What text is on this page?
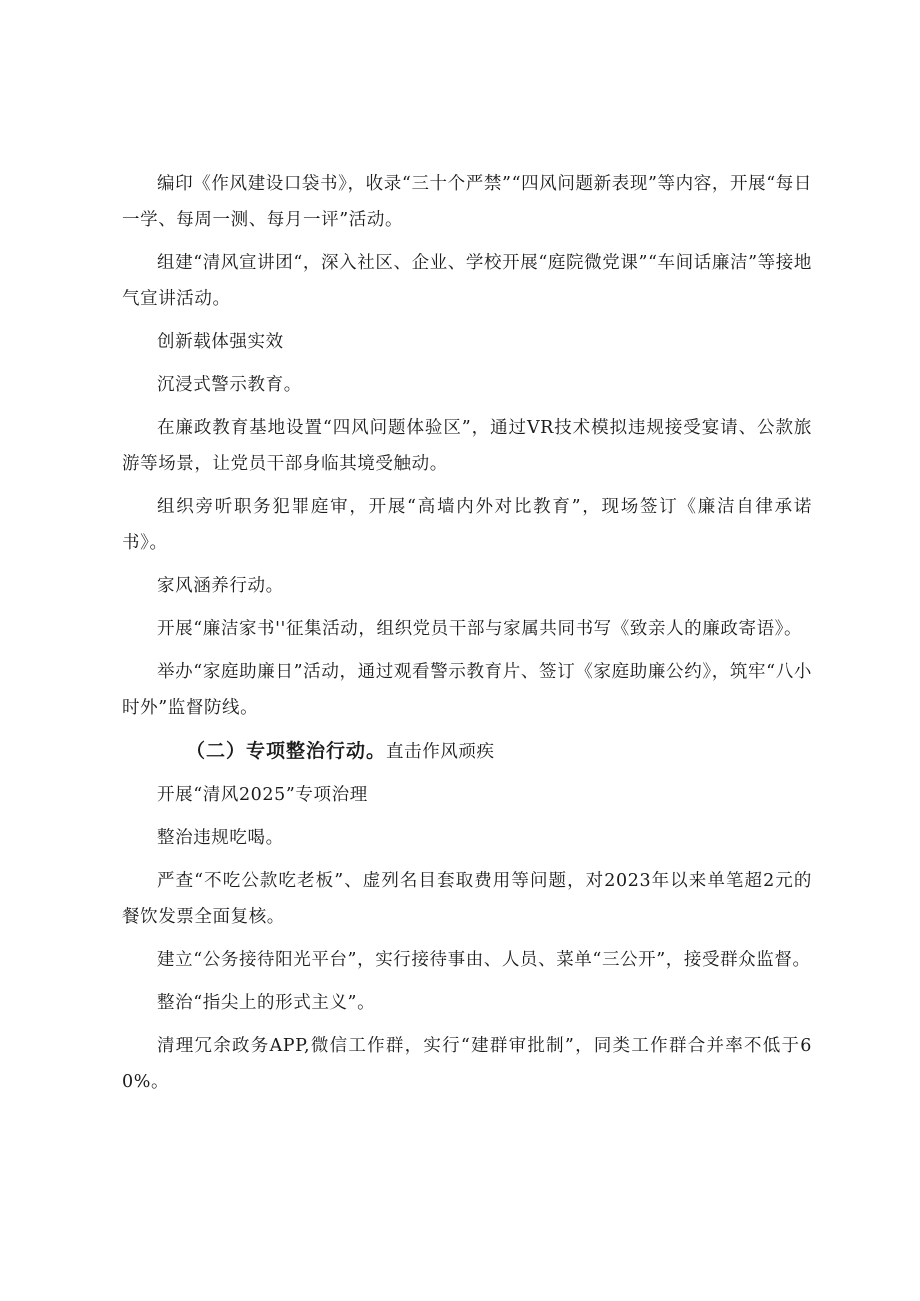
编印《作风建设口袋书》，收录“三十个严禁”“四风问题新表现”等内容，开展“每日一学、每周一测、每月一评”活动。

组建“清风宣讲团“，深入社区、企业、学校开展“庭院微党课”“车间话廉洁”等接地气宣讲活动。

创新载体强实效

沉浸式警示教育。

在廉政教育基地设置“四风问题体验区”，通过VR技术模拟违规接受宴请、公款旅游等场景，让党员干部身临其境受触动。

组织旁听职务犯罪庭审，开展“高墙内外对比教育”，现场签订《廉洁自律承诺书》。

家风涵养行动。

开展“廉洁家书''征集活动，组织党员干部与家属共同书写《致亲人的廉政寄语》。

举办“家庭助廉日”活动，通过观看警示教育片、签订《家庭助廉公约》，筑牢“八小时外”监督防线。

（二）专项整治行动。直击作风顽疾

开展“清风2025”专项治理

整治违规吃喝。

严查“不吃公款吃老板”、虚列名目套取费用等问题，对2023年以来单笔超2元的餐饮发票全面复核。

建立“公务接待阳光平台”，实行接待事由、人员、菜单“三公开”，接受群众监督。

整治“指尖上的形式主义”。

清理冗余政务APP,微信工作群，实行“建群审批制”，同类工作群合并率不低于60%。
